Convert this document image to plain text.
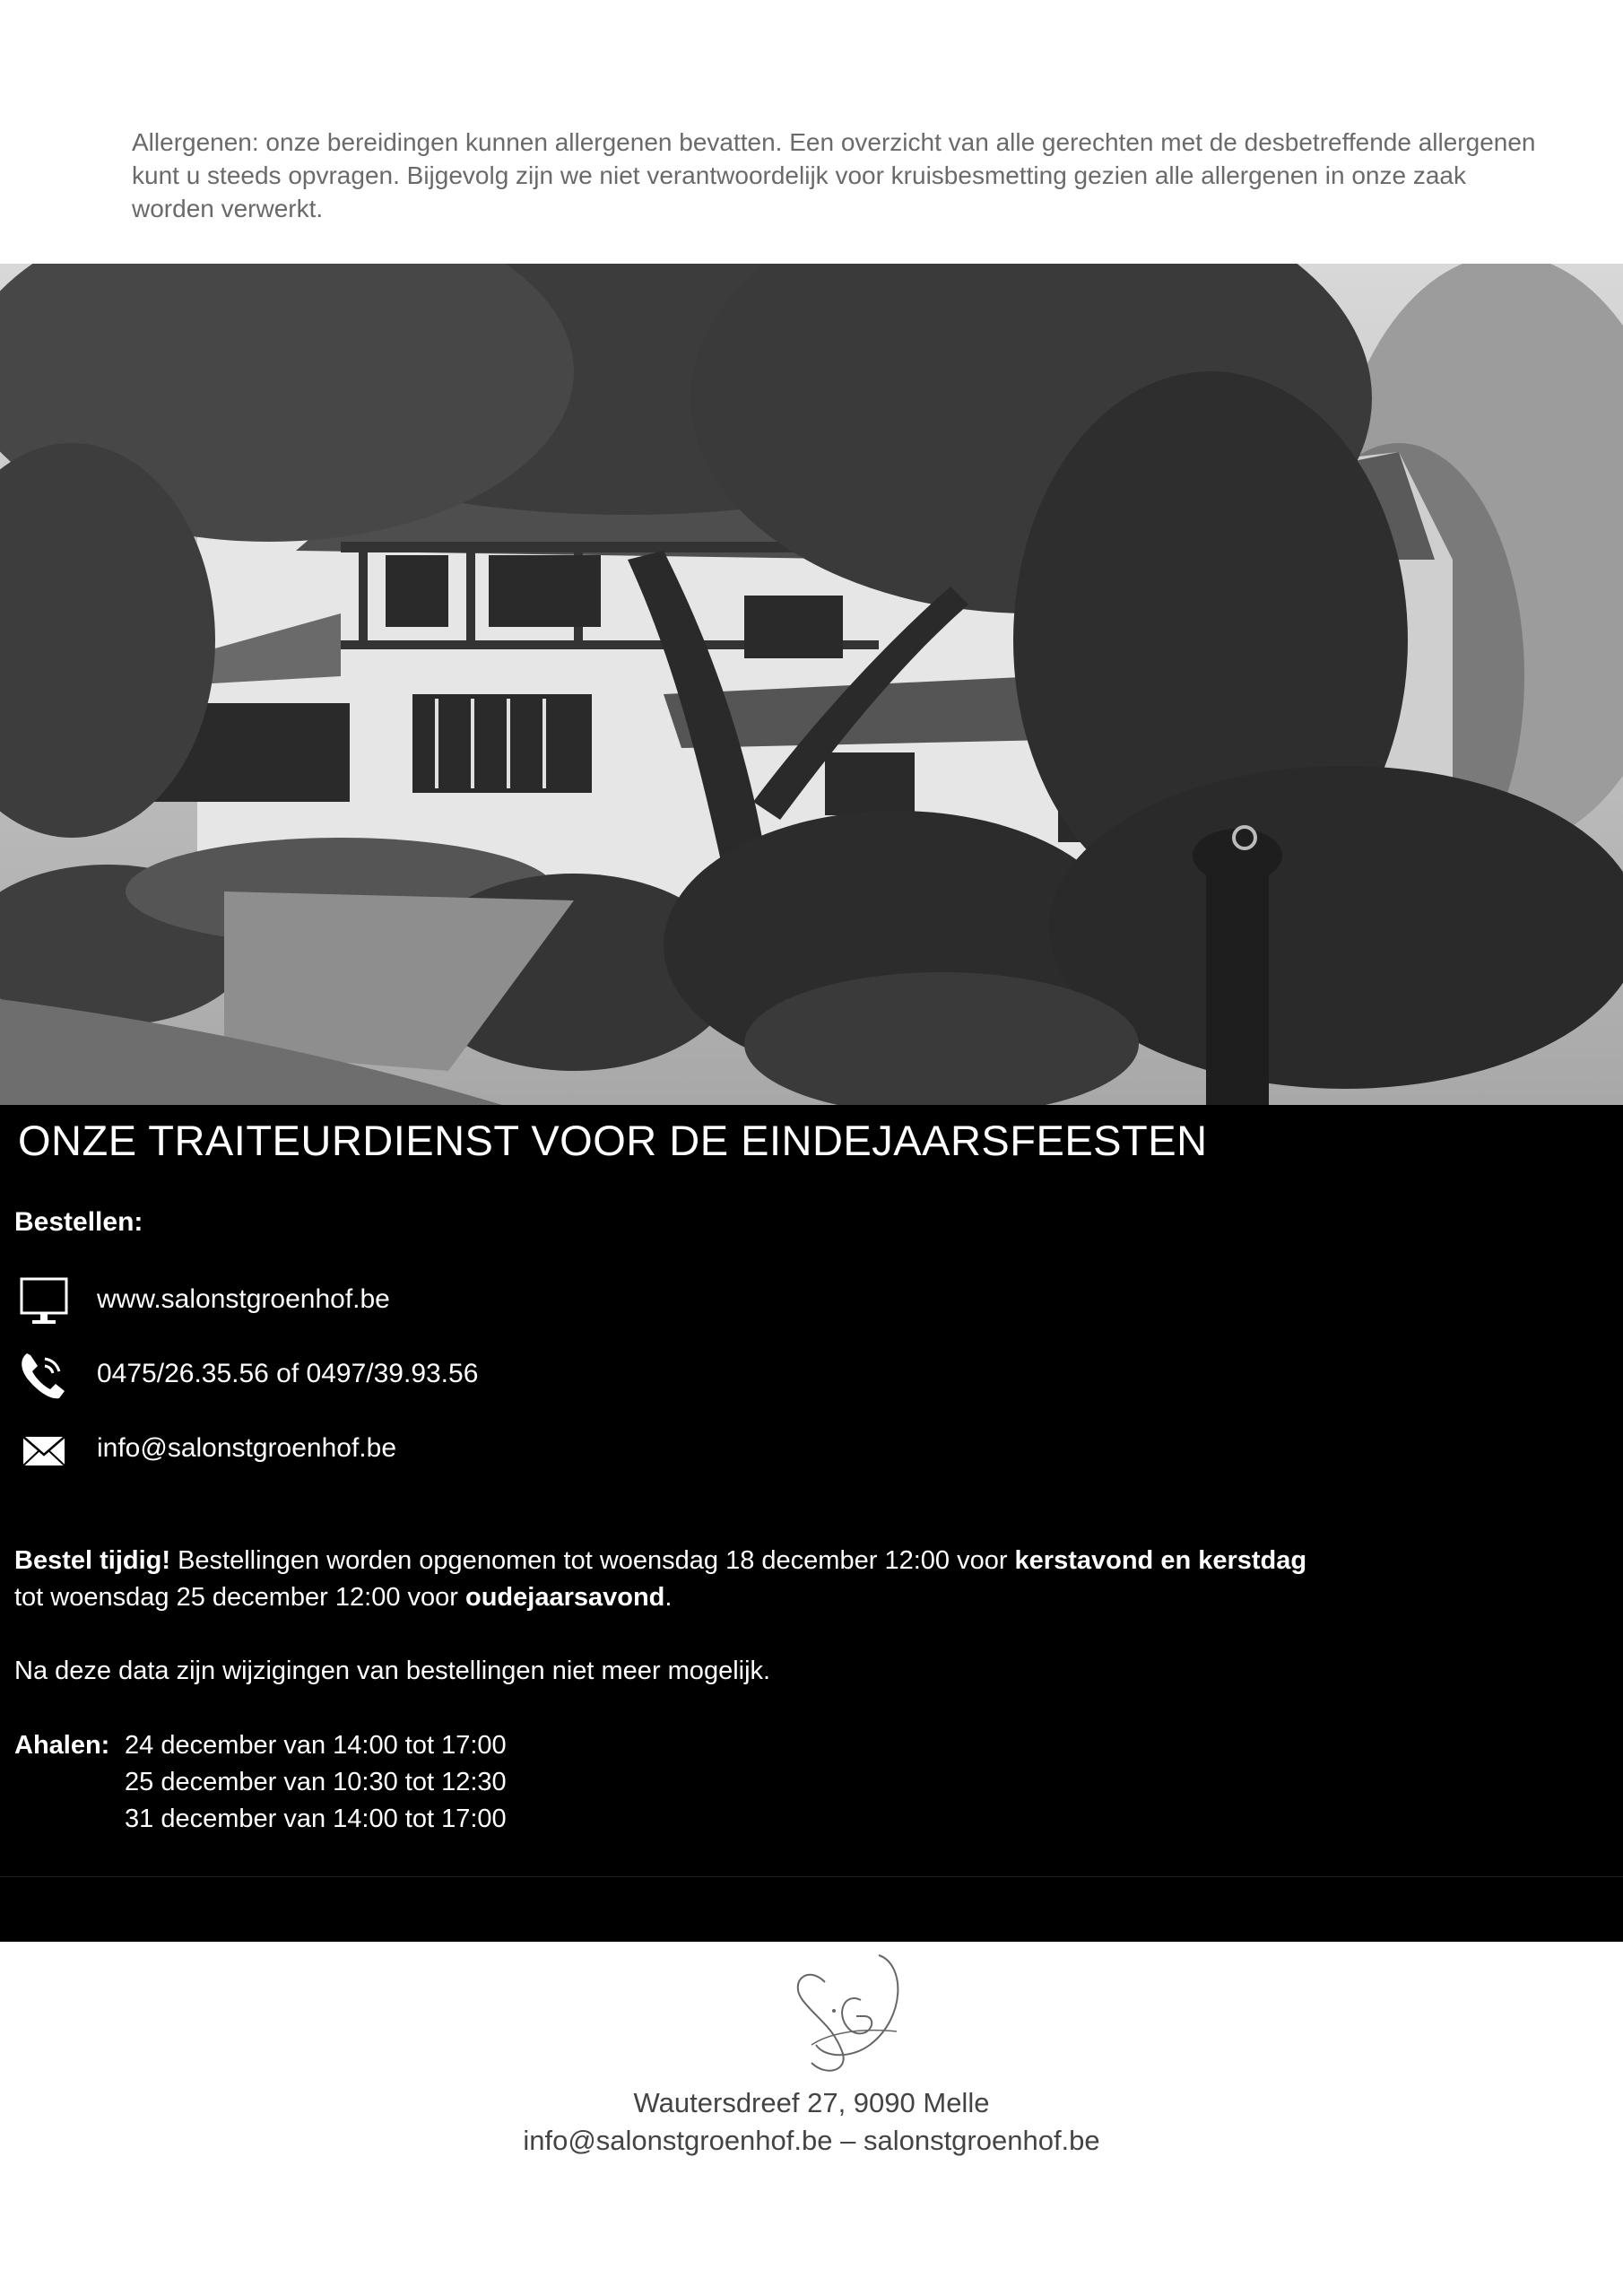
Allergenen: onze bereidingen kunnen allergenen bevatten. Een overzicht van alle gerechten met de desbetreffende allergenen kunt u steeds opvragen. Bijgevolg zijn we niet verantwoordelijk voor kruisbesmetting gezien alle allergenen in onze zaak worden verwerkt.

ONZE TRAITEURDIENST VOOR DE EINDEJAARSFEESTEN
Bestellen:
www.salonstgroenhof.be
0475/26.35.56 of 0497/39.93.56
info@salonstgroenhof.be

Bestel tijdig! Bestellingen worden opgenomen tot woensdag 18 december 12:00 voor kerstavond en kerstdag
tot woensdag 25 december 12:00 voor oudejaarsavond.

Na deze data zijn wijzigingen van bestellingen niet meer mogelijk.

Ahalen: 24 december van 14:00 tot 17:00
25 december van 10:30 tot 12:30
31 december van 14:00 tot 17:00
Wautersdreef 27, 9090 Melle
info@salonstgroenhof.be – salonstgroenhof.be
